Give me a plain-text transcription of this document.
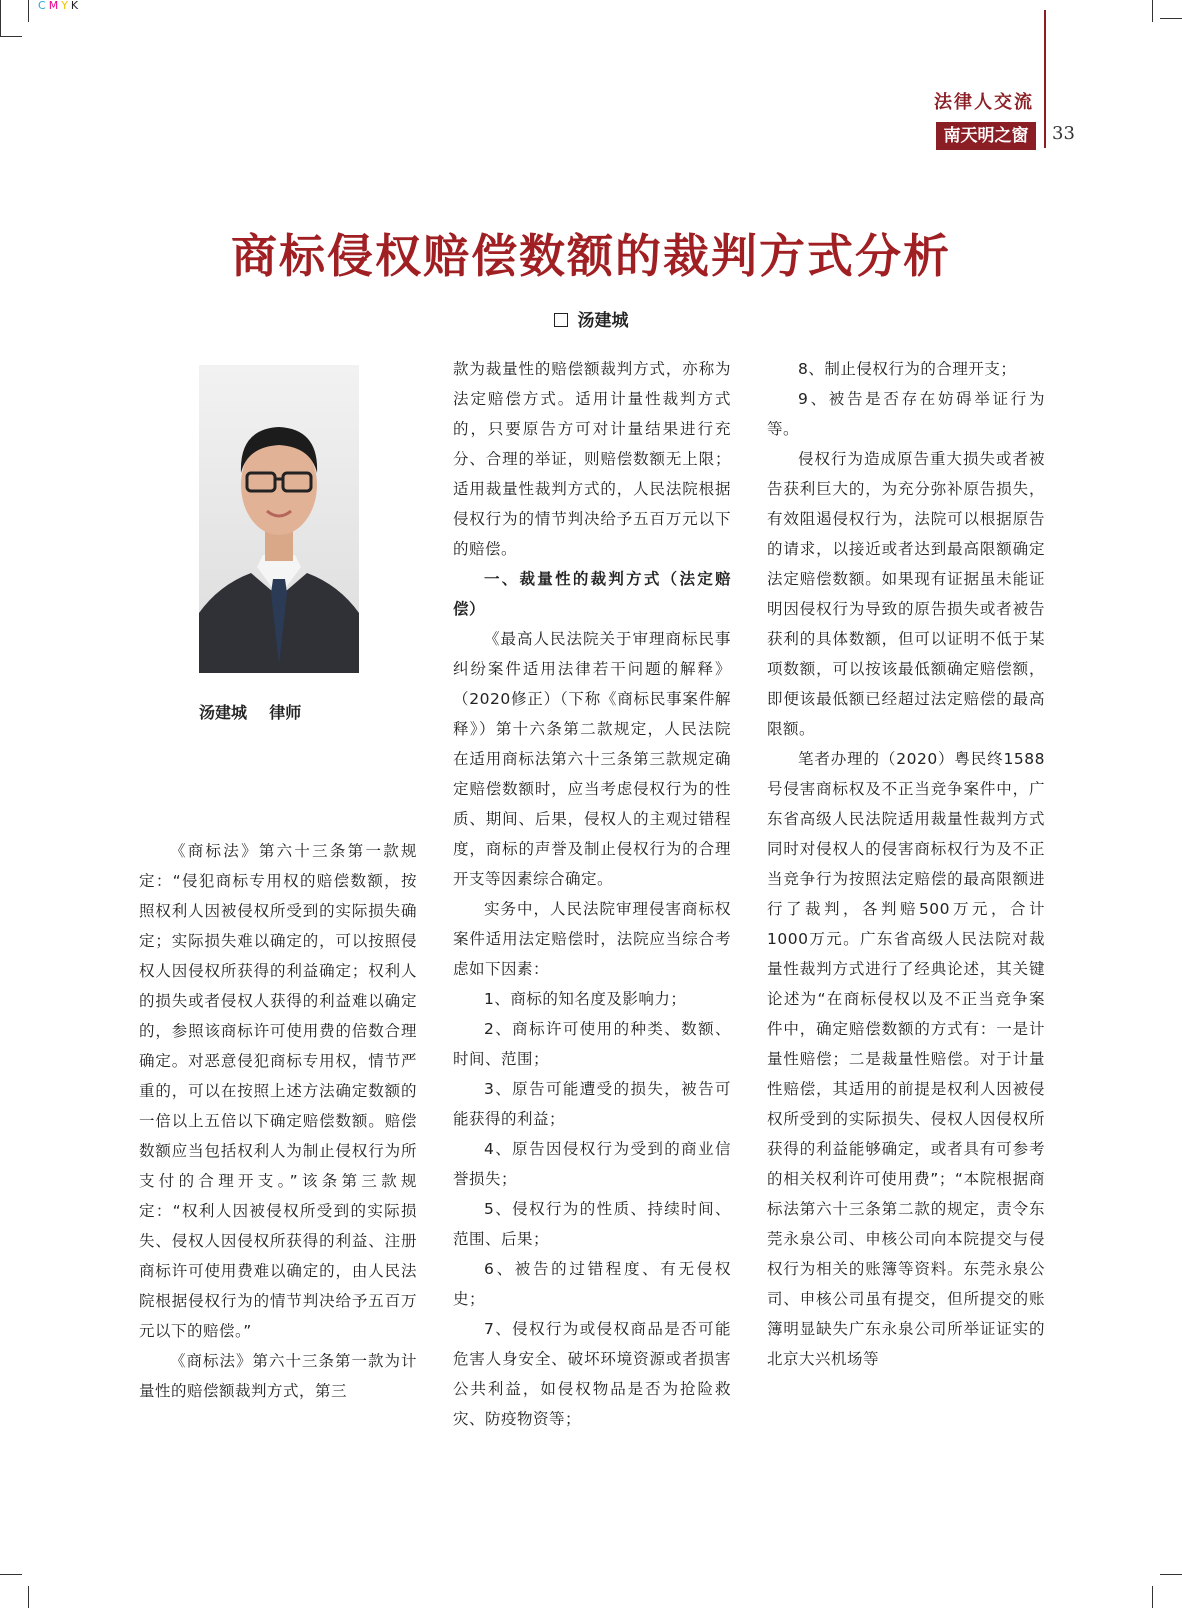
CMYK
法律人交流
南天明之窗	33
商标侵权赔偿数额的裁判方式分析
汤建城
汤建城    律师

《商标法》第六十三条第一款规定：“侵犯商标专用权的赔偿数额，按照权利人因被侵权所受到的实际损失确定；实际损失难以确定的，可以按照侵权人因侵权所获得的利益确定；权利人的损失或者侵权人获得的利益难以确定的，参照该商标许可使用费的倍数合理确定。对恶意侵犯商标专用权，情节严重的，可以在按照上述方法确定数额的一倍以上五倍以下确定赔偿数额。赔偿数额应当包括权利人为制止侵权行为所支付的合理开支。”该条第三款规定：“权利人因被侵权所受到的实际损失、侵权人因侵权所获得的利益、注册商标许可使用费难以确定的，由人民法院根据侵权行为的情节判决给予五百万元以下的赔偿。”

《商标法》第六十三条第一款为计量性的赔偿额裁判方式，第三

款为裁量性的赔偿额裁判方式，亦称为法定赔偿方式。适用计量性裁判方式的，只要原告方可对计量结果进行充分、合理的举证，则赔偿数额无上限；适用裁量性裁判方式的，人民法院根据侵权行为的情节判决给予五百万元以下的赔偿。

一、裁量性的裁判方式（法定赔偿）

《最高人民法院关于审理商标民事纠纷案件适用法律若干问题的解释》（2020修正）（下称《商标民事案件解释》）第十六条第二款规定，人民法院在适用商标法第六十三条第三款规定确定赔偿数额时，应当考虑侵权行为的性质、期间、后果，侵权人的主观过错程度，商标的声誉及制止侵权行为的合理开支等因素综合确定。

实务中，人民法院审理侵害商标权案件适用法定赔偿时，法院应当综合考虑如下因素：

1、商标的知名度及影响力；

2、商标许可使用的种类、数额、时间、范围；

3、原告可能遭受的损失，被告可能获得的利益；

4、原告因侵权行为受到的商业信誉损失；

5、侵权行为的性质、持续时间、范围、后果；

6、被告的过错程度、有无侵权史；

7、侵权行为或侵权商品是否可能危害人身安全、破坏环境资源或者损害公共利益，如侵权物品是否为抢险救灾、防疫物资等；

8、制止侵权行为的合理开支；

9、被告是否存在妨碍举证行为等。

侵权行为造成原告重大损失或者被告获利巨大的，为充分弥补原告损失，有效阻遏侵权行为，法院可以根据原告的请求，以接近或者达到最高限额确定法定赔偿数额。如果现有证据虽未能证明因侵权行为导致的原告损失或者被告获利的具体数额，但可以证明不低于某项数额，可以按该最低额确定赔偿额，即便该最低额已经超过法定赔偿的最高限额。

笔者办理的（2020）粤民终1588号侵害商标权及不正当竞争案件中，广东省高级人民法院适用裁量性裁判方式同时对侵权人的侵害商标权行为及不正当竞争行为按照法定赔偿的最高限额进行了裁判，各判赔500万元，合计1000万元。广东省高级人民法院对裁量性裁判方式进行了经典论述，其关键论述为“在商标侵权以及不正当竞争案件中，确定赔偿数额的方式有：一是计量性赔偿；二是裁量性赔偿。对于计量性赔偿，其适用的前提是权利人因被侵权所受到的实际损失、侵权人因侵权所获得的利益能够确定，或者具有可参考的相关权利许可使用费”；“本院根据商标法第六十三条第二款的规定，责令东莞永泉公司、申核公司向本院提交与侵权行为相关的账簿等资料。东莞永泉公司、申核公司虽有提交，但所提交的账簿明显缺失广东永泉公司所举证证实的北京大兴机场等
